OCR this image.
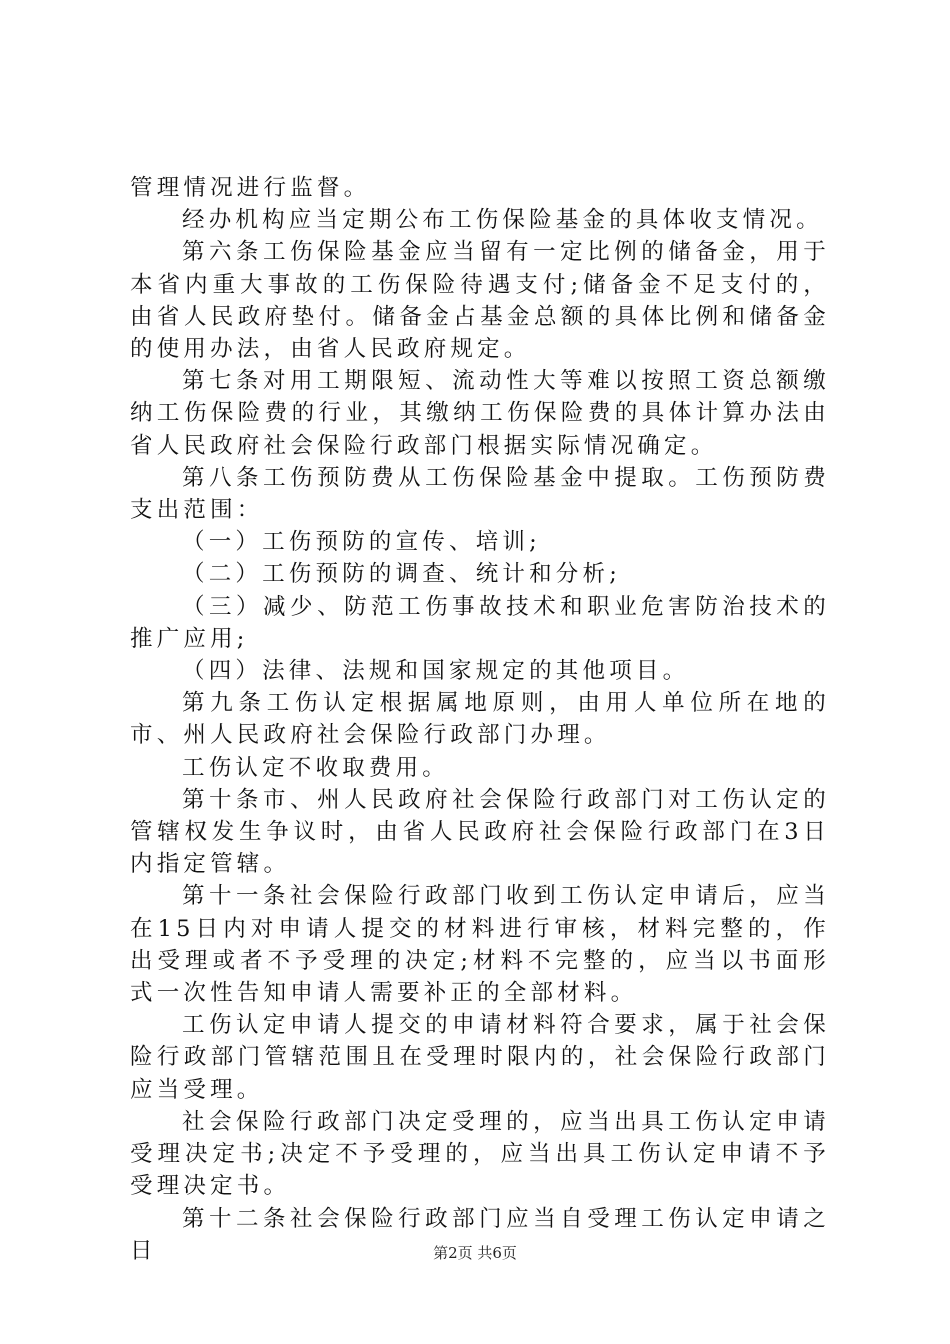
管理情况进行监督。

经办机构应当定期公布工伤保险基金的具体收支情况。

第六条工伤保险基金应当留有一定比例的储备金，用于本省内重大事故的工伤保险待遇支付;储备金不足支付的，由省人民政府垫付。储备金占基金总额的具体比例和储备金的使用办法，由省人民政府规定。

第七条对用工期限短、流动性大等难以按照工资总额缴纳工伤保险费的行业，其缴纳工伤保险费的具体计算办法由省人民政府社会保险行政部门根据实际情况确定。

第八条工伤预防费从工伤保险基金中提取。工伤预防费支出范围：

（一）工伤预防的宣传、培训;

（二）工伤预防的调查、统计和分析;

（三）减少、防范工伤事故技术和职业危害防治技术的推广应用;

（四）法律、法规和国家规定的其他项目。

第九条工伤认定根据属地原则，由用人单位所在地的市、州人民政府社会保险行政部门办理。

工伤认定不收取费用。

第十条市、州人民政府社会保险行政部门对工伤认定的管辖权发生争议时，由省人民政府社会保险行政部门在3日内指定管辖。

第十一条社会保险行政部门收到工伤认定申请后，应当在15日内对申请人提交的材料进行审核，材料完整的，作出受理或者不予受理的决定;材料不完整的，应当以书面形式一次性告知申请人需要补正的全部材料。

工伤认定申请人提交的申请材料符合要求，属于社会保险行政部门管辖范围且在受理时限内的，社会保险行政部门应当受理。

社会保险行政部门决定受理的，应当出具工伤认定申请受理决定书;决定不予受理的，应当出具工伤认定申请不予受理决定书。

第十二条社会保险行政部门应当自受理工伤认定申请之日	第2页 共6页
